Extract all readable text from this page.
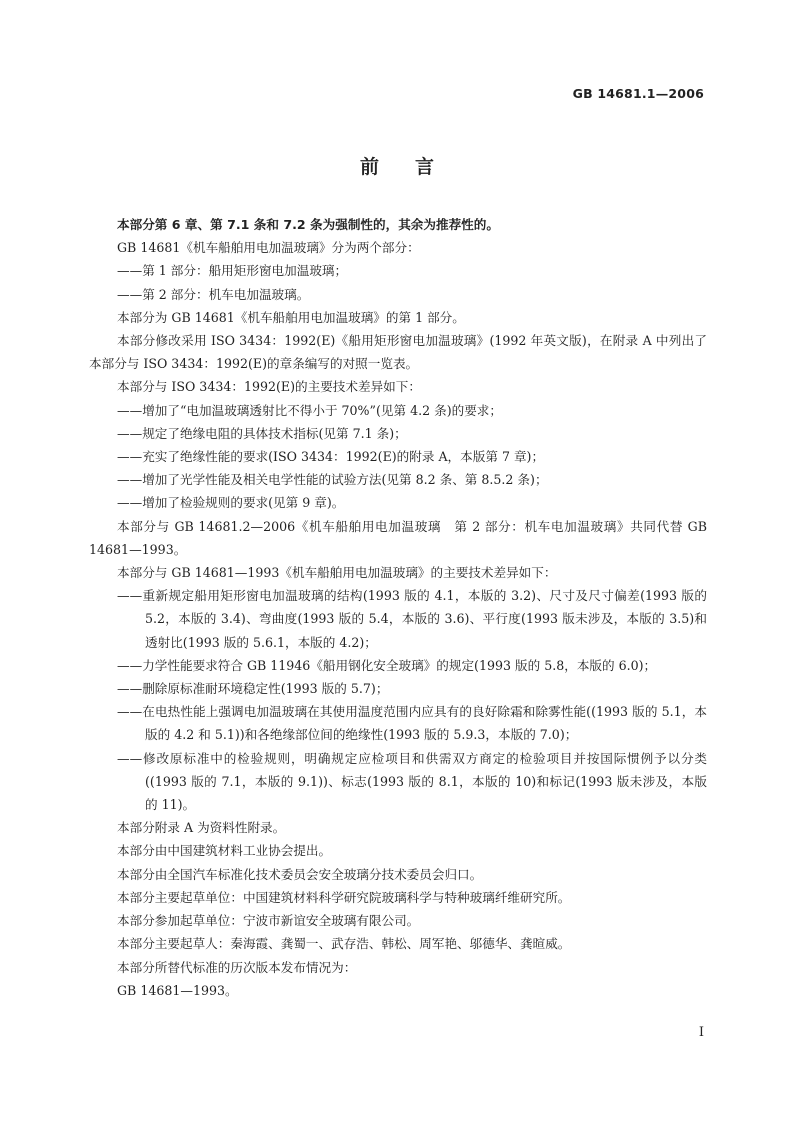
GB 14681.1—2006
前言

本部分第 6 章、第 7.1 条和 7.2 条为强制性的，其余为推荐性的。

GB 14681《机车船舶用电加温玻璃》分为两个部分：

——第 1 部分：船用矩形窗电加温玻璃；

——第 2 部分：机车电加温玻璃。

本部分为 GB 14681《机车船舶用电加温玻璃》的第 1 部分。

本部分修改采用 ISO 3434：1992(E)《船用矩形窗电加温玻璃》(1992 年英文版)，在附录 A 中列出了本部分与 ISO 3434：1992(E)的章条编写的对照一览表。

本部分与 ISO 3434：1992(E)的主要技术差异如下：

——增加了“电加温玻璃透射比不得小于 70%”(见第 4.2 条)的要求；

——规定了绝缘电阻的具体技术指标(见第 7.1 条)；

——充实了绝缘性能的要求(ISO 3434：1992(E)的附录 A，本版第 7 章)；

——增加了光学性能及相关电学性能的试验方法(见第 8.2 条、第 8.5.2 条)；

——增加了检验规则的要求(见第 9 章)。

本部分与 GB 14681.2—2006《机车船舶用电加温玻璃　第 2 部分：机车电加温玻璃》共同代替 GB 14681—1993。

本部分与 GB 14681—1993《机车船舶用电加温玻璃》的主要技术差异如下：

——重新规定船用矩形窗电加温玻璃的结构(1993 版的 4.1，本版的 3.2)、尺寸及尺寸偏差(1993 版的 5.2，本版的 3.4)、弯曲度(1993 版的 5.4，本版的 3.6)、平行度(1993 版未涉及，本版的 3.5)和透射比(1993 版的 5.6.1，本版的 4.2)；

——力学性能要求符合 GB 11946《船用钢化安全玻璃》的规定(1993 版的 5.8，本版的 6.0)；

——删除原标准耐环境稳定性(1993 版的 5.7)；

——在电热性能上强调电加温玻璃在其使用温度范围内应具有的良好除霜和除雾性能((1993 版的 5.1，本版的 4.2 和 5.1))和各绝缘部位间的绝缘性(1993 版的 5.9.3，本版的 7.0)；

——修改原标准中的检验规则，明确规定应检项目和供需双方商定的检验项目并按国际惯例予以分类((1993 版的 7.1，本版的 9.1))、标志(1993 版的 8.1，本版的 10)和标记(1993 版未涉及，本版的 11)。

本部分附录 A 为资料性附录。

本部分由中国建筑材料工业协会提出。

本部分由全国汽车标准化技术委员会安全玻璃分技术委员会归口。

本部分主要起草单位：中国建筑材料科学研究院玻璃科学与特种玻璃纤维研究所。

本部分参加起草单位：宁波市新谊安全玻璃有限公司。

本部分主要起草人：秦海霞、龚蜀一、武存浩、韩松、周军艳、邬德华、龚暄威。

本部分所替代标准的历次版本发布情况为：

GB 14681—1993。

I
